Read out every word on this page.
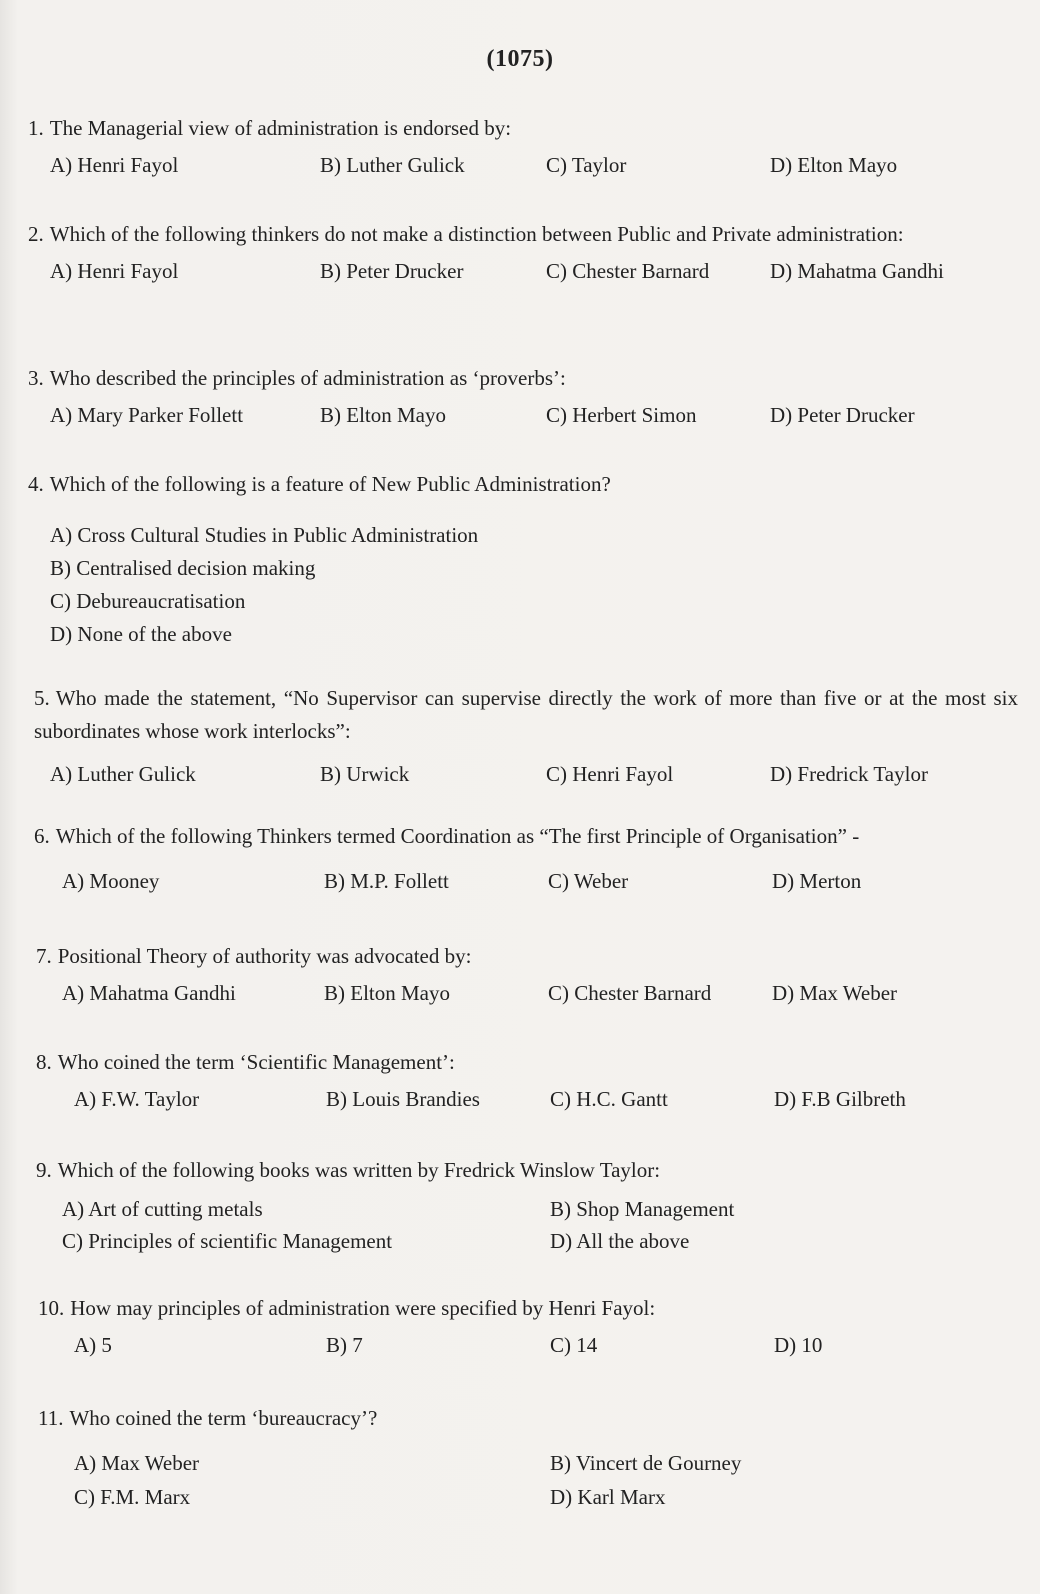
(1075)
1. The Managerial view of administration is endorsed by:
A) Henri Fayol	B) Luther Gulick	C) Taylor	D) Elton Mayo
2. Which of the following thinkers do not make a distinction between Public and Private administration:
A) Henri Fayol	B) Peter Drucker	C) Chester Barnard	D) Mahatma Gandhi
3. Who described the principles of administration as ‘proverbs’:
A) Mary Parker Follett	B) Elton Mayo	C) Herbert Simon	D) Peter Drucker
4. Which of the following is a feature of New Public Administration?
A) Cross Cultural Studies in Public Administration
B) Centralised decision making
C) Debureaucratisation
D) None of the above
5. Who made the statement, “No Supervisor can supervise directly the work of more than five or at the most six subordinates whose work interlocks”:
A) Luther Gulick	B) Urwick	C) Henri Fayol	D) Fredrick Taylor
6. Which of the following Thinkers termed Coordination as “The first Principle of Organisation” -
A) Mooney	B) M.P. Follett	C) Weber	D) Merton
7. Positional Theory of authority was advocated by:
A) Mahatma Gandhi	B) Elton Mayo	C) Chester Barnard	D) Max Weber
8. Who coined the term ‘Scientific Management’:
A) F.W. Taylor	B) Louis Brandies	C) H.C. Gantt	D) F.B Gilbreth
9. Which of the following books was written by Fredrick Winslow Taylor:
A) Art of cutting metals	B) Shop Management
C) Principles of scientific Management	D) All the above
10. How may principles of administration were specified by Henri Fayol:
A) 5	B) 7	C) 14	D) 10
11. Who coined the term ‘bureaucracy’?
A) Max Weber	B) Vincert de Gourney
C) F.M. Marx	D) Karl Marx
